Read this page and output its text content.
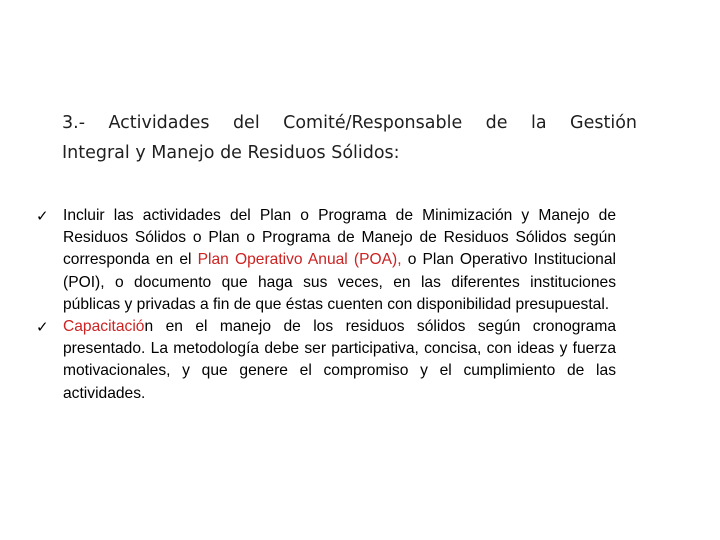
3.- Actividades del Comité/Responsable de la Gestión
Integral y Manejo de Residuos Sólidos:
✓ Incluir las actividades del Plan o Programa de Minimización y Manejo de Residuos Sólidos o Plan o Programa de Manejo de Residuos Sólidos según corresponda en el Plan Operativo Anual (POA), o Plan Operativo Institucional (POI), o documento que haga sus veces, en las diferentes instituciones públicas y privadas a fin de que éstas cuenten con disponibilidad presupuestal.
✓ Capacitación en el manejo de los residuos sólidos según cronograma presentado. La metodología debe ser participativa, concisa, con ideas y fuerza motivacionales, y que genere el compromiso y el cumplimiento de las actividades.
